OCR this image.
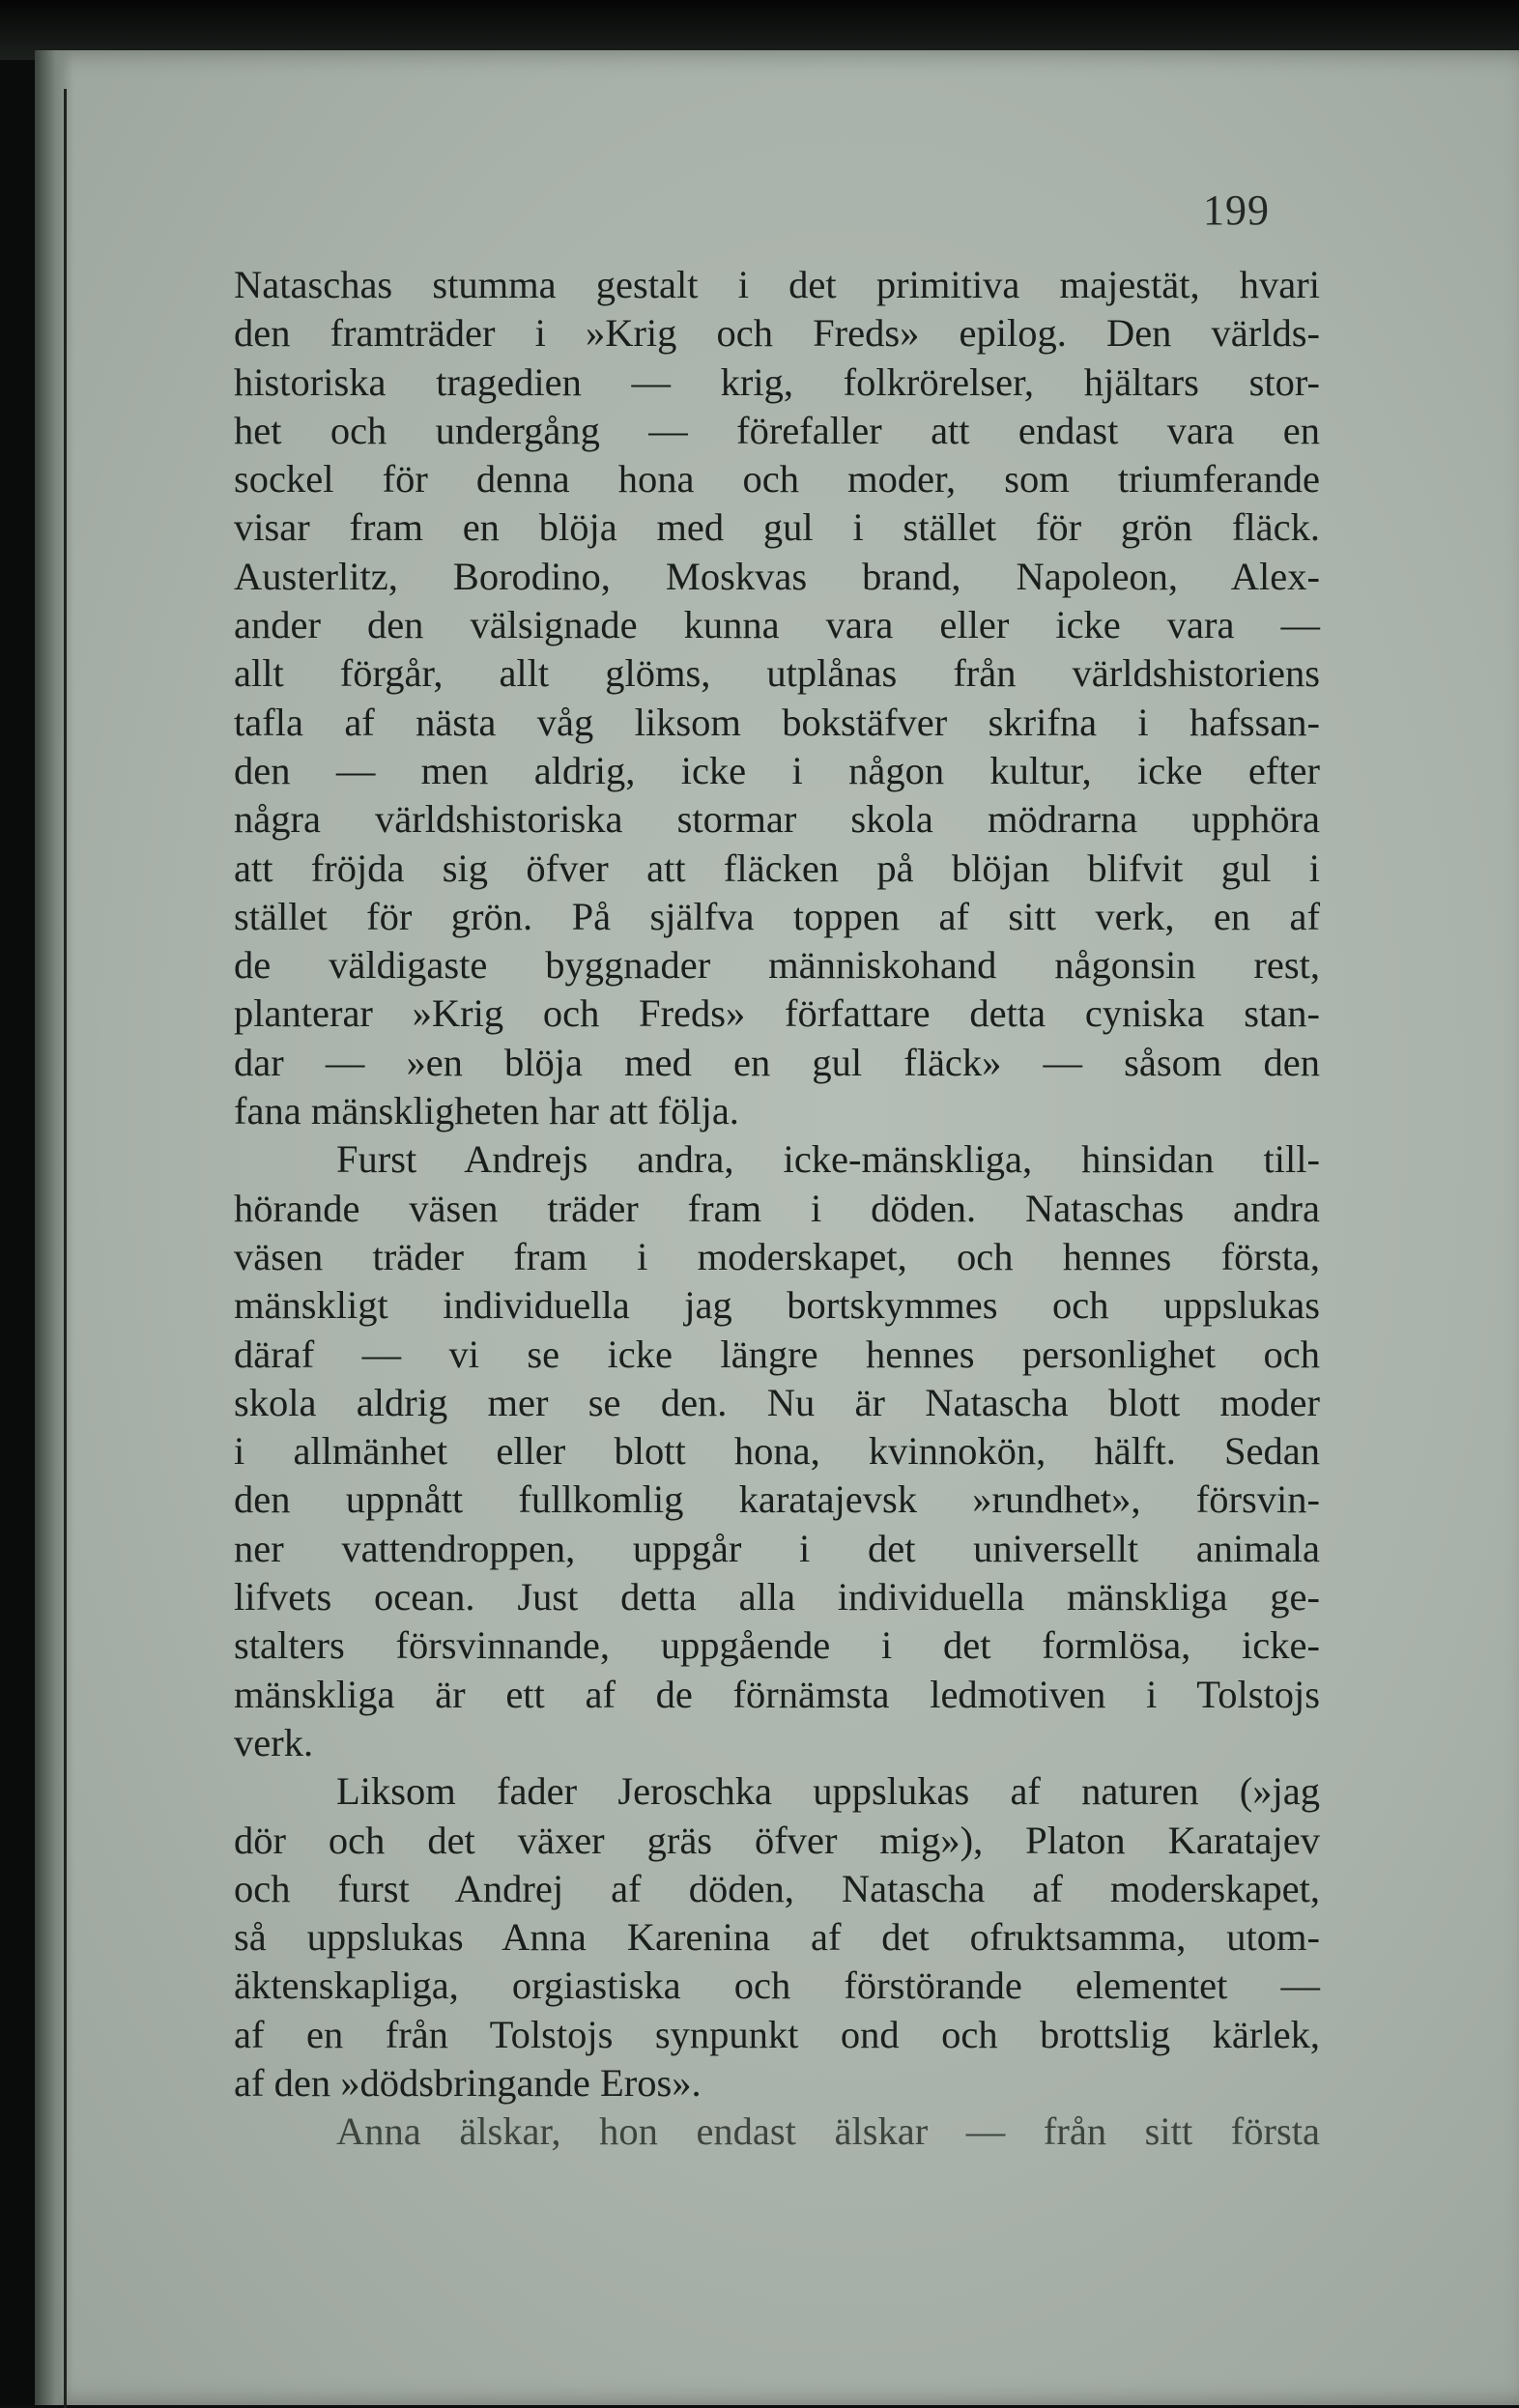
199
Nataschas stumma gestalt i det primitiva majestät, hvari
den framträder i »Krig och Freds» epilog. Den världs-
historiska tragedien — krig, folkrörelser, hjältars stor-
het och undergång — förefaller att endast vara en
sockel för denna hona och moder, som triumferande
visar fram en blöja med gul i stället för grön fläck.
Austerlitz, Borodino, Moskvas brand, Napoleon, Alex-
ander den välsignade kunna vara eller icke vara —
allt förgår, allt glöms, utplånas från världshistoriens
tafla af nästa våg liksom bokstäfver skrifna i hafssan-
den — men aldrig, icke i någon kultur, icke efter
några världshistoriska stormar skola mödrarna upphöra
att fröjda sig öfver att fläcken på blöjan blifvit gul i
stället för grön. På själfva toppen af sitt verk, en af
de väldigaste byggnader människohand någonsin rest,
planterar »Krig och Freds» författare detta cyniska stan-
dar — »en blöja med en gul fläck» — såsom den
fana mänskligheten har att följa.
Furst Andrejs andra, icke-mänskliga, hinsidan till-
hörande väsen träder fram i döden. Nataschas andra
väsen träder fram i moderskapet, och hennes första,
mänskligt individuella jag bortskymmes och uppslukas
däraf — vi se icke längre hennes personlighet och
skola aldrig mer se den. Nu är Nataschа blott moder
i allmänhet eller blott hona, kvinnokön, hälft. Sedan
den uppnått fullkomlig karatajevsk »rundhet», försvin-
ner vattendroppen, uppgår i det universellt animala
lifvets ocean. Just detta alla individuella mänskliga ge-
stalters försvinnande, uppgående i det formlösa, icke-
mänskliga är ett af de förnämsta ledmotiven i Tolstojs
verk.
Liksom fader Jeroschka uppslukas af naturen (»jag
dör och det växer gräs öfver mig»), Platon Karatajev
och furst Andrej af döden, Natascha af moderskapet,
så uppslukas Anna Karenina af det ofruktsamma, utom-
äktenskapliga, orgiastiska och förstörande elementet —
af en från Tolstojs synpunkt ond och brottslig kärlek,
af den »dödsbringande Eros».
Anna älskar, hon endast älskar — från sitt första
